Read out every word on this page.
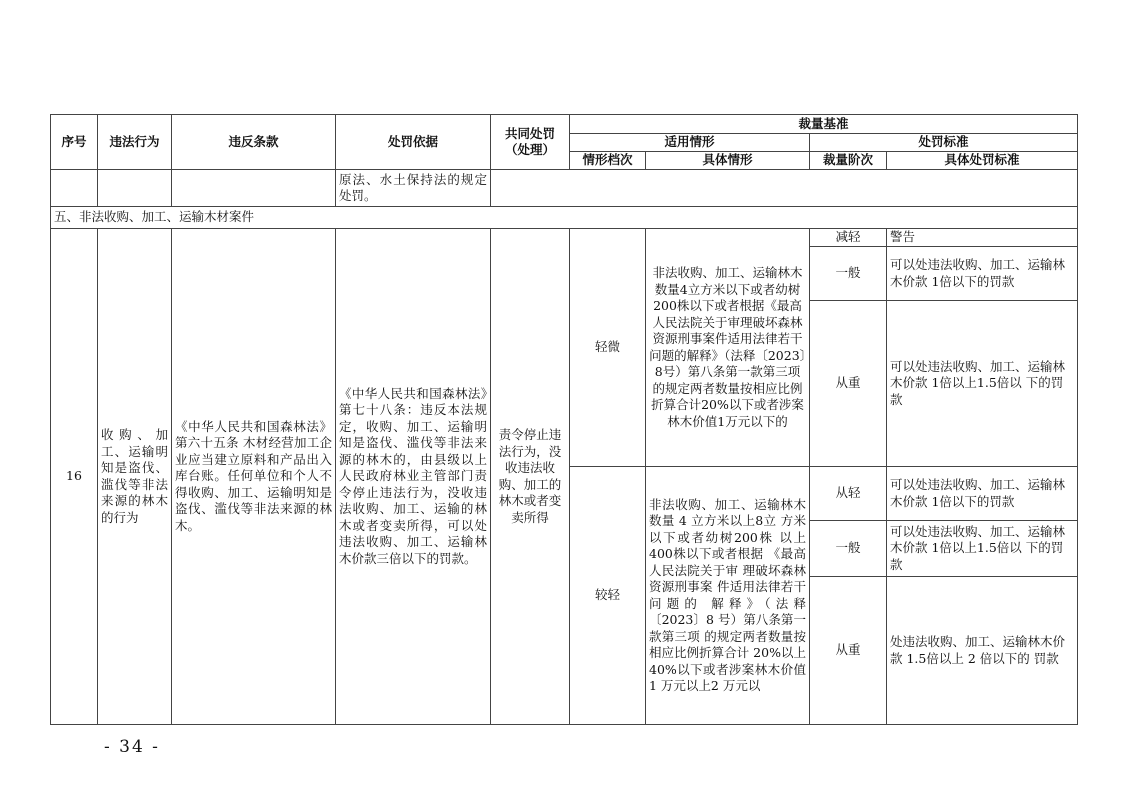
序号	违法行为	违反条款	处罚依据	共同处罚（处理）	裁量基准			
					适用情形		处罚标准	
					情形档次	具体情形	裁量阶次	具体处罚标准
			原法、水土保持法的规定处罚。					
五、非法收购、加工、运输木材案件								
16	收购、加工、运输明知是盗伐、滥伐等非法来源的林木的行为	《中华人民共和国森林法》第六十五条 木材经营加工企业应当建立原料和产品出入库台账。任何单位和个人不得收购、加工、运输明知是盗伐、滥伐等非法来源的林木。	《中华人民共和国森林法》第七十八条：违反本法规定，收购、加工、运输明知是盗伐、滥伐等非法来源的林木的，由县级以上人民政府林业主管部门责令停止违法行为，没收违法收购、加工、运输的林木或者变卖所得，可以处违法收购、加工、运输林木价款三倍以下的罚款。	责令停止违法行为，没收违法收购、加工的林木或者变卖所得	轻微	非法收购、加工、运输林木数量4立方米以下或者幼树200株以下或者根据《最高人民法院关于审理破坏森林资源刑事案件适用法律若干问题的解释》（法释〔2023〕8号）第八条第一款第三项的规定两者数量按相应比例折算合计20%以下或者涉案林木价值1万元以下的	减轻	警告
							一般	可以处违法收购、加工、运输林木价款 1倍以下的罚款
							从重	可以处违法收购、加工、运输林木价款 1倍以上1.5倍以 下的罚款
					较轻	非法收购、加工、运输林木数量 4 立方米以上8立 方米以下或者幼树200株 以上400株以下或者根据 《最高人民法院关于审 理破坏森林资源刑事案 件适用法律若干问题的 解释》（法释〔2023〕8 号）第八条第一款第三项 的规定两者数量按相应比例折算合计 20%以上40%以下或者涉案林木价值 1 万元以上2 万元以	从轻	可以处违法收购、加工、运输林木价款 1倍以下的罚款
							一般	可以处违法收购、加工、运输林木价款 1倍以上1.5倍以 下的罚款
							从重	处违法收购、加工、运输林木价款 1.5倍以上 2 倍以下的 罚款
- 34 -
